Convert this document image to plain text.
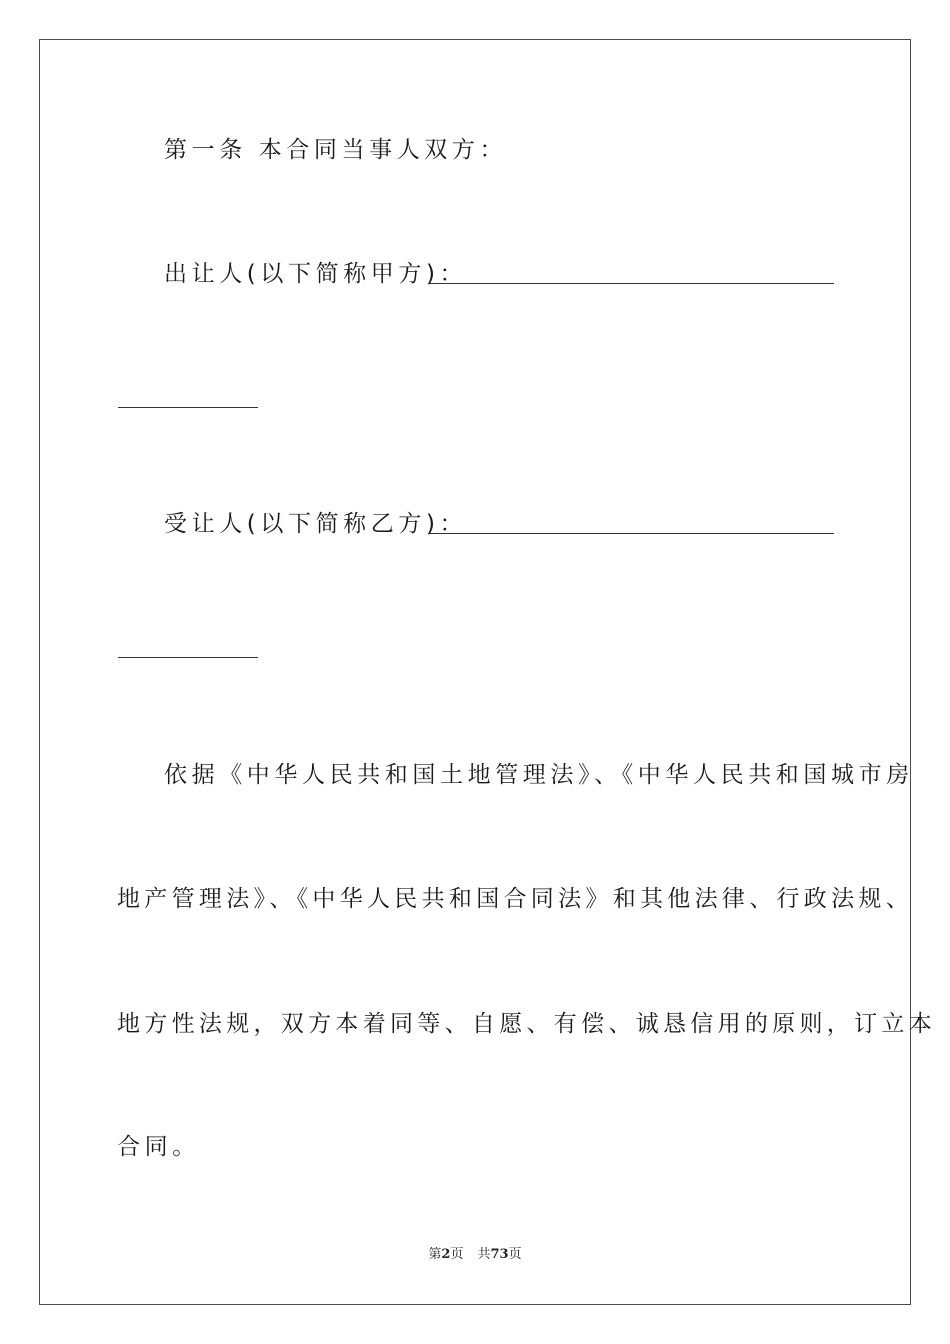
第一条 本合同当事人双方：
出让人(以下简称甲方)：
受让人(以下简称乙方)：
依据《中华人民共和国土地管理法》、《中华人民共和国城市房
地产管理法》、《中华人民共和国合同法》和其他法律、行政法规、
地方性法规，双方本着同等、自愿、有偿、诚恳信用的原则，订立本
合同。
第2页 共73页
